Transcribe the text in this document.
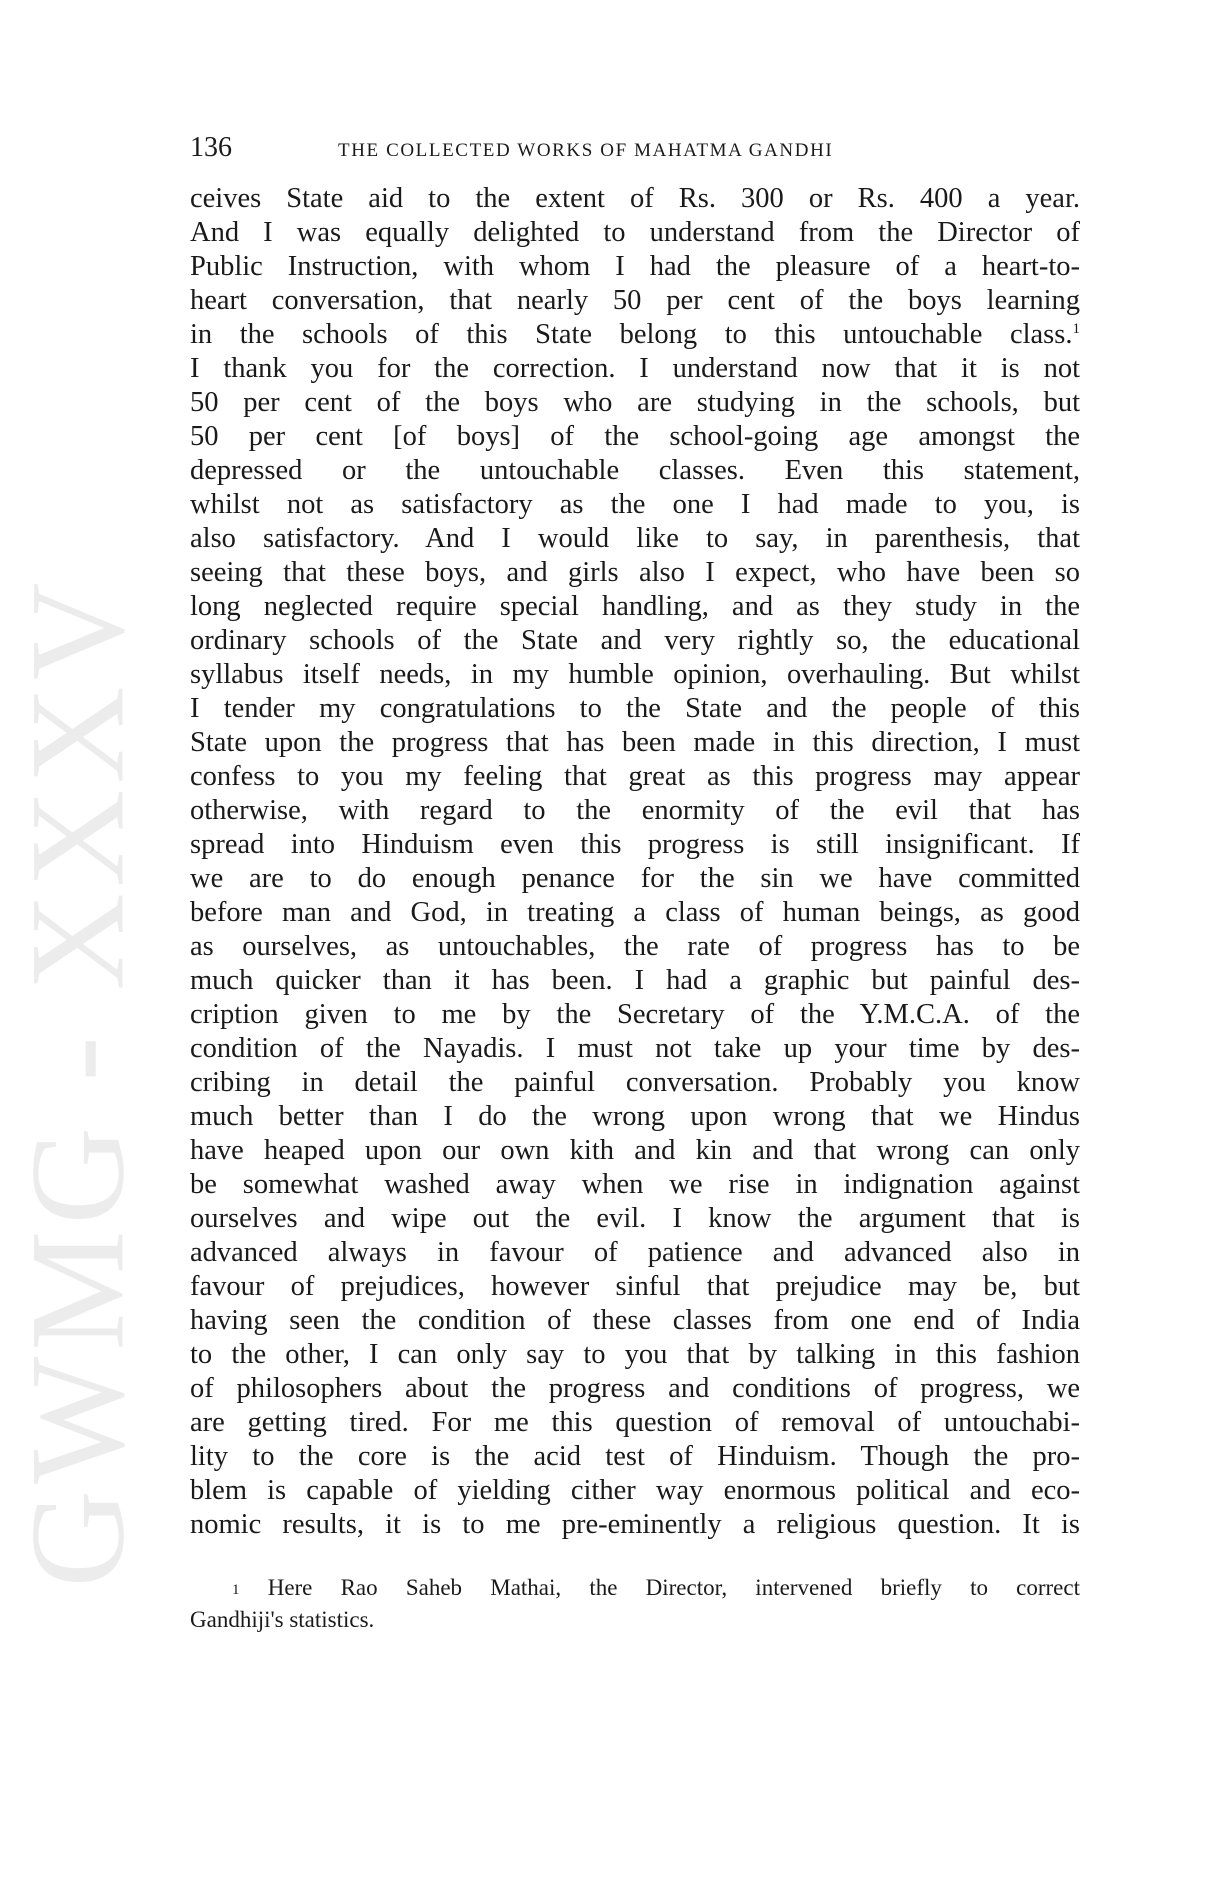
GWMG - XXXV
136	THE COLLECTED WORKS OF MAHATMA GANDHI
ceives State aid to the extent of Rs. 300 or Rs. 400 a year.
And I was equally delighted to understand from the Director of
Public Instruction, with whom I had the pleasure of a heart-to-
heart conversation, that nearly 50 per cent of the boys learning
in the schools of this State belong to this untouchable class.$^1$
I thank you for the correction. I understand now that it is not
50 per cent of the boys who are studying in the schools, but
50 per cent [of boys] of the school-going age amongst the
depressed or the untouchable classes. Even this statement,
whilst not as satisfactory as the one I had made to you, is
also satisfactory. And I would like to say, in parenthesis, that
seeing that these boys, and girls also I expect, who have been so
long neglected require special handling, and as they study in the
ordinary schools of the State and very rightly so, the educational
syllabus itself needs, in my humble opinion, overhauling. But whilst
I tender my congratulations to the State and the people of this
State upon the progress that has been made in this direction, I must
confess to you my feeling that great as this progress may appear
otherwise, with regard to the enormity of the evil that has
spread into Hinduism even this progress is still insignificant. If
we are to do enough penance for the sin we have committed
before man and God, in treating a class of human beings, as good
as ourselves, as untouchables, the rate of progress has to be
much quicker than it has been. I had a graphic but painful des-
cription given to me by the Secretary of the Y.M.C.A. of the
condition of the Nayadis. I must not take up your time by des-
cribing in detail the painful conversation. Probably you know
much better than I do the wrong upon wrong that we Hindus
have heaped upon our own kith and kin and that wrong can only
be somewhat washed away when we rise in indignation against
ourselves and wipe out the evil. I know the argument that is
advanced always in favour of patience and advanced also in
favour of prejudices, however sinful that prejudice may be, but
having seen the condition of these classes from one end of India
to the other, I can only say to you that by talking in this fashion
of philosophers about the progress and conditions of progress, we
are getting tired. For me this question of removal of untouchabi-
lity to the core is the acid test of Hinduism. Though the pro-
blem is capable of yielding cither way enormous political and eco-
nomic results, it is to me pre-eminently a religious question. It is
$^1$ Here Rao Saheb Mathai, the Director, intervened briefly to correct
Gandhiji's statistics.
